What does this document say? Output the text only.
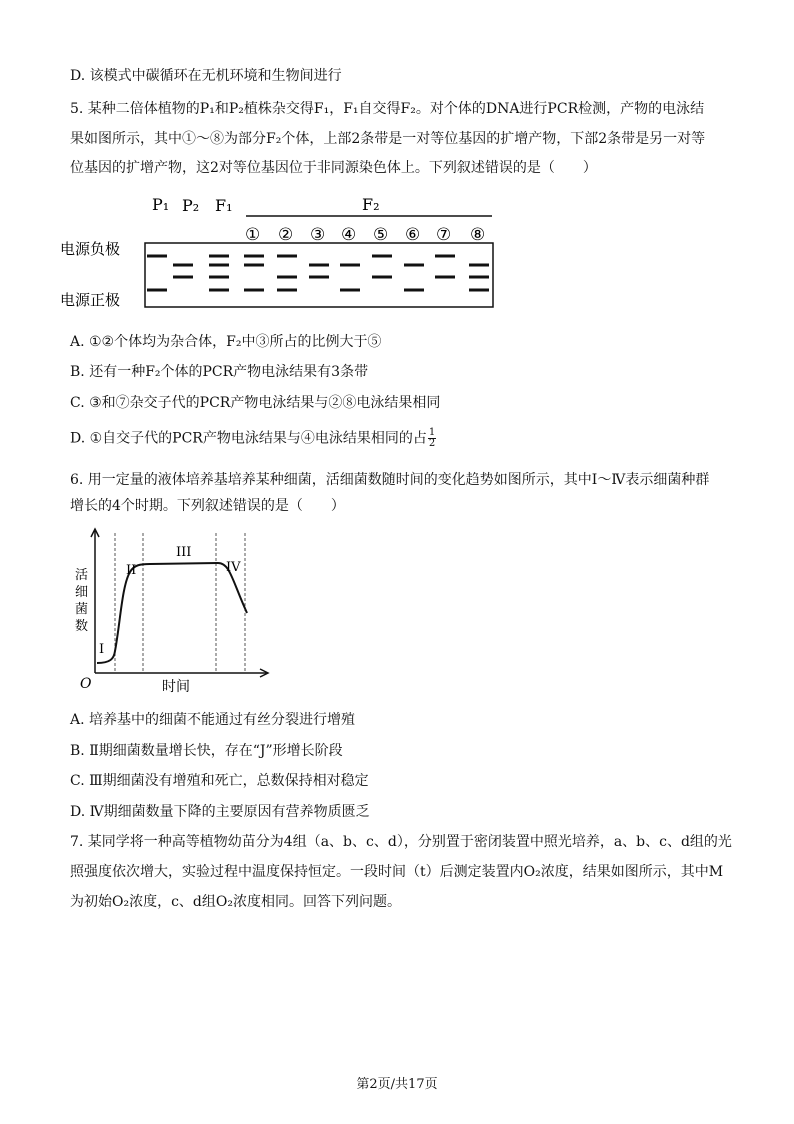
D. 该模式中碳循环在无机环境和生物间进行
5. 某种二倍体植物的P₁和P₂植株杂交得F₁，F₁自交得F₂。对个体的DNA进行PCR检测，产物的电泳结
果如图所示，其中①～⑧为部分F₂个体，上部2条带是一对等位基因的扩增产物，下部2条带是另一对等
位基因的扩增产物，这2对等位基因位于非同源染色体上。下列叙述错误的是（　　）
P₁ P₂ F₁	F₂
① ② ③ ④ ⑤ ⑥ ⑦ ⑧
电源负极
电源正极
A. ①②个体均为杂合体，F₂中③所占的比例大于⑤
B. 还有一种F₂个体的PCR产物电泳结果有3条带
C. ③和⑦杂交子代的PCR产物电泳结果与②⑧电泳结果相同
D. ①自交子代的PCR产物电泳结果与④电泳结果相同的占 $\frac{1}{2}$
6. 用一定量的液体培养基培养某种细菌，活细菌数随时间的变化趋势如图所示，其中Ⅰ～Ⅳ表示细菌种群
增长的4个时期。下列叙述错误的是（　　）
I
II
III
IV
活
细
菌
数
O	时间
A. 培养基中的细菌不能通过有丝分裂进行增殖
B. Ⅱ期细菌数量增长快，存在“J”形增长阶段
C. Ⅲ期细菌没有增殖和死亡，总数保持相对稳定
D. Ⅳ期细菌数量下降的主要原因有营养物质匮乏
7. 某同学将一种高等植物幼苗分为4组（a、b、c、d），分别置于密闭装置中照光培养，a、b、c、d组的光
照强度依次增大，实验过程中温度保持恒定。一段时间（t）后测定装置内O₂浓度，结果如图所示，其中M
为初始O₂浓度，c、d组O₂浓度相同。回答下列问题。
第2页/共17页
